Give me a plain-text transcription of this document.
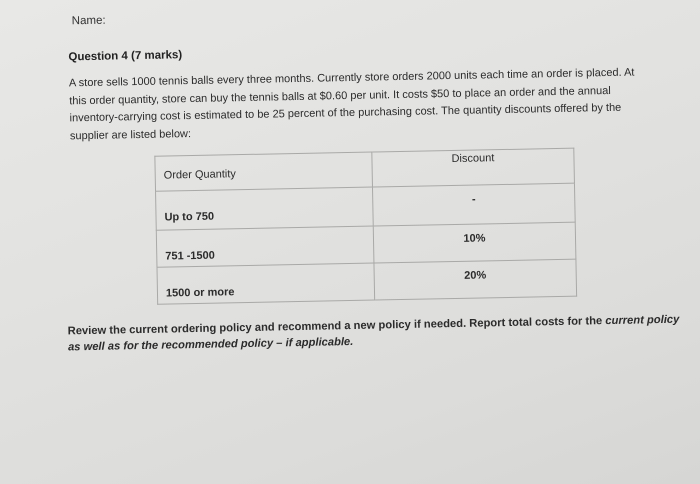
Name:
Question 4 (7 marks)
A store sells 1000 tennis balls every three months. Currently store orders 2000 units each time an order is placed. At this order quantity, store can buy the tennis balls at $0.60 per unit. It costs $50 to place an order and the annual inventory-carrying cost is estimated to be 25 percent of the purchasing cost. The quantity discounts offered by the supplier are listed below:
Order Quantity	Discount

Up to 750	-

751 -1500	10%

1500 or more	20%
Review the current ordering policy and recommend a new policy if needed. Report total costs for the current policy as well as for the recommended policy – if applicable.
